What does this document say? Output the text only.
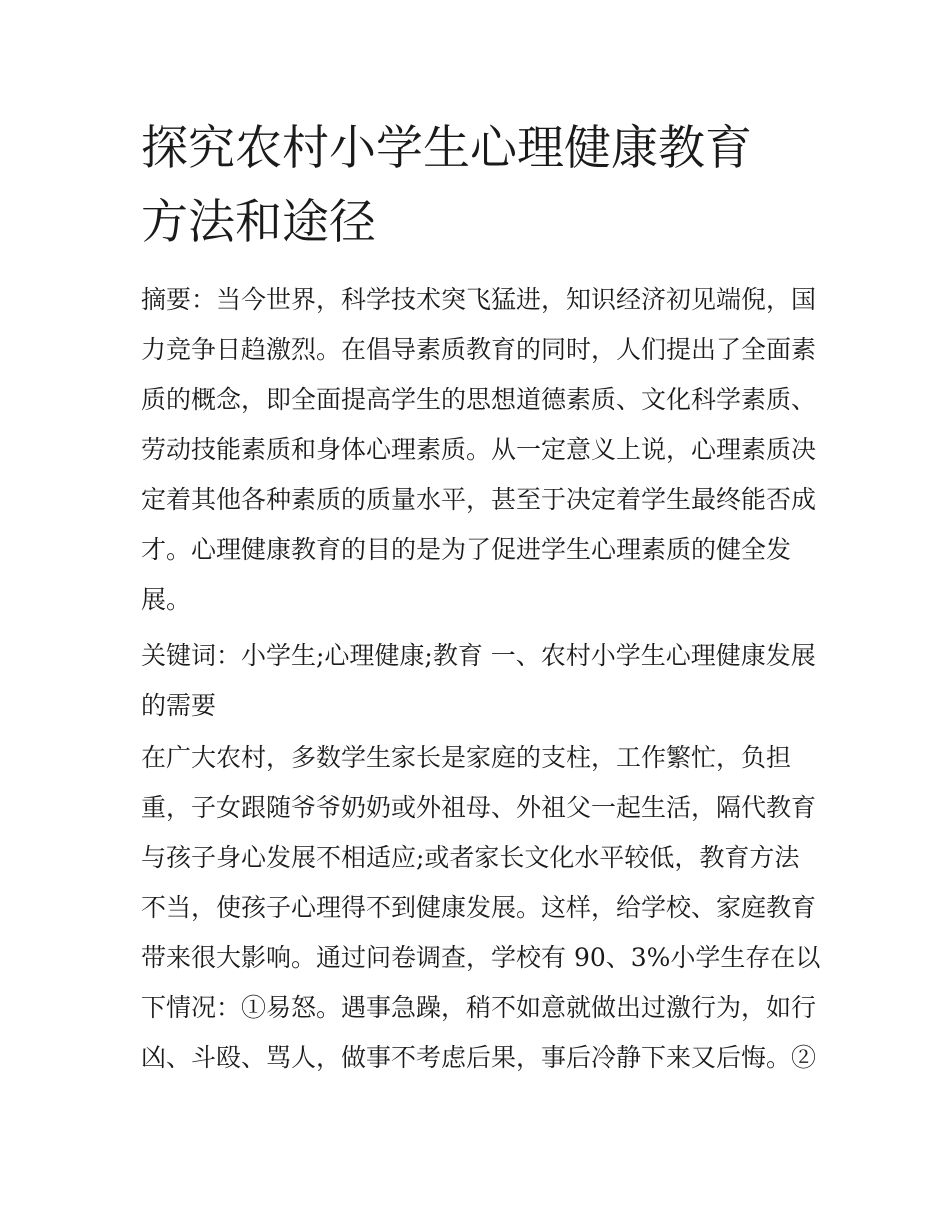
探究农村小学生心理健康教育
方法和途径
摘要：当今世界，科学技术突飞猛进，知识经济初见端倪，国
力竞争日趋激烈。在倡导素质教育的同时，人们提出了全面素
质的概念，即全面提高学生的思想道德素质、文化科学素质、
劳动技能素质和身体心理素质。从一定意义上说，心理素质决
定着其他各种素质的质量水平，甚至于决定着学生最终能否成
才。心理健康教育的目的是为了促进学生心理素质的健全发
展。
关键词：小学生;心理健康;教育 一、农村小学生心理健康发展
的需要
在广大农村，多数学生家长是家庭的支柱，工作繁忙，负担
重，子女跟随爷爷奶奶或外祖母、外祖父一起生活，隔代教育
与孩子身心发展不相适应;或者家长文化水平较低，教育方法
不当，使孩子心理得不到健康发展。这样，给学校、家庭教育
带来很大影响。通过问卷调查，学校有 90、3%小学生存在以
下情况：①易怒。遇事急躁，稍不如意就做出过激行为，如行
凶、斗殴、骂人，做事不考虑后果，事后冷静下来又后悔。②
